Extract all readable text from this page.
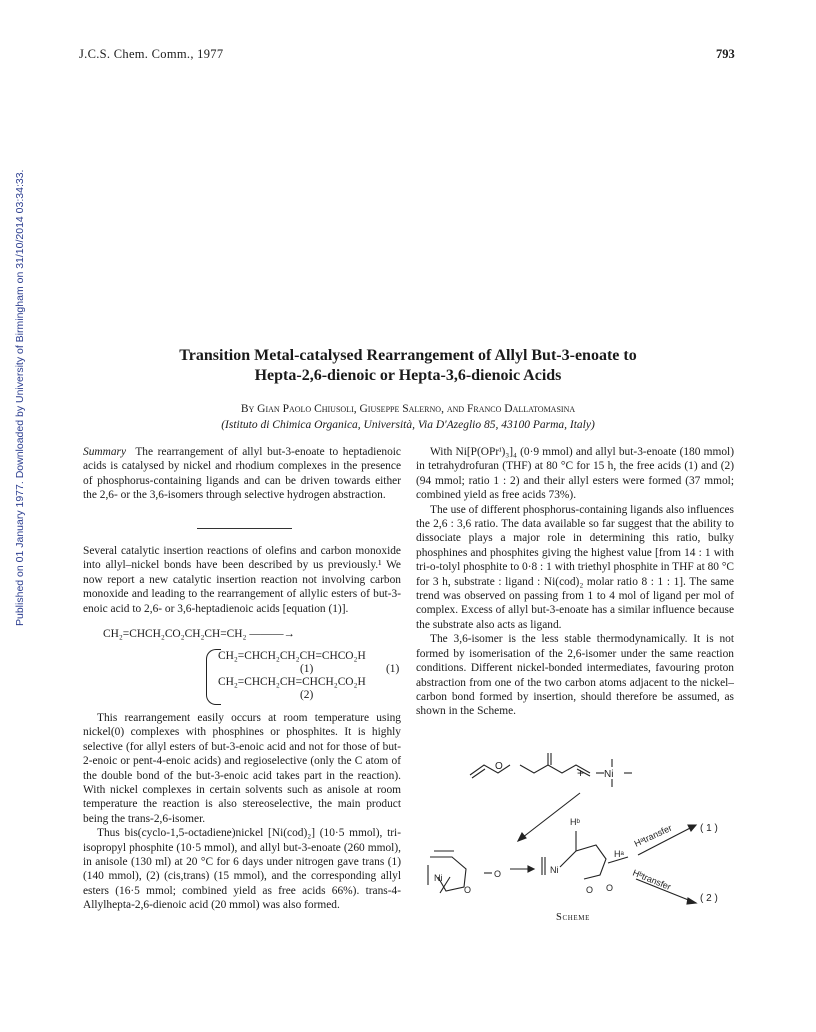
J.C.S. Chem. Comm., 1977	793
Published on 01 January 1977. Downloaded by University of Birmingham on 31/10/2014 03:34:33.	Transition Metal-catalysed Rearrangement of Allyl But-3-enoate to
Hepta-2,6-dienoic or Hepta-3,6-dienoic Acids
By Gian Paolo Chiusoli, Giuseppe Salerno, and Franco Dallatomasina
(Istituto di Chimica Organica, Università, Via D'Azeglio 85, 43100 Parma, Italy)

Summary The rearrangement of allyl but-3-enoate to heptadienoic acids is catalysed by nickel and rhodium complexes in the presence of phosphorus-containing ligands and can be driven towards either the 2,6- or the 3,6-isomers through selective hydrogen abstraction.

Several catalytic insertion reactions of olefins and carbon monoxide into allyl–nickel bonds have been described by us previously.¹ We now report a new catalytic insertion reaction not involving carbon monoxide and leading to the rearrangement of allylic esters of but-3-enoic acid to 2,6- or 3,6-heptadienoic acids [equation (1)].

CH₂=CHCH₂CO₂CH₂CH=CH₂ ———→
CH₂=CHCH₂CH₂CH=CHCO₂H
(1)	(1)
CH₂=CHCH₂CH=CHCH₂CO₂H
(2)

This rearrangement easily occurs at room temperature using nickel(0) complexes with phosphines or phosphites. It is highly selective (for allyl esters of but-3-enoic acid and not for those of but-2-enoic or pent-4-enoic acids) and regioselective (only the C atom of the double bond of the but-3-enoic acid takes part in the reaction). With nickel complexes in certain solvents such as anisole at room temperature the reaction is also stereoselective, the main product being the trans-2,6-isomer.

Thus bis(cyclo-1,5-octadiene)nickel [Ni(cod)₂] (10·5 mmol), tri-isopropyl phosphite (10·5 mmol), and allyl but-3-enoate (260 mmol), in anisole (130 ml) at 20 °C for 6 days under nitrogen gave trans (1) (140 mmol), (2) (cis,trans) (15 mmol), and the corresponding allyl esters (16·5 mmol; combined yield as free acids 66%). trans-4-Allylhepta-2,6-dienoic acid (20 mmol) was also formed.

With Ni[P(OPrⁱ)₃]₄ (0·9 mmol) and allyl but-3-enoate (180 mmol) in tetrahydrofuran (THF) at 80 °C for 15 h, the free acids (1) and (2) (94 mmol; ratio 1 : 2) and their allyl esters were formed (37 mmol; combined yield as free acids 73%).

The use of different phosphorus-containing ligands also influences the 2,6 : 3,6 ratio. The data available so far suggest that the ability to dissociate plays a major role in determining this ratio, bulky phosphines and phosphites giving the highest value [from 14 : 1 with tri-o-tolyl phosphite to 0·8 : 1 with triethyl phosphite in THF at 80 °C for 3 h, substrate : ligand : Ni(cod)₂ molar ratio 8 : 1 : 1]. The same trend was observed on passing from 1 to 4 mol of ligand per mol of complex. Excess of allyl but-3-enoate has a similar influence because the substrate also acts as ligand.

The 3,6-isomer is the less stable thermodynamically. It is not formed by isomerisation of the 2,6-isomer under the same reaction conditions. Different nickel-bonded intermediates, favouring proton abstraction from one of the two carbon atoms adjacent to the nickel–carbon bond formed by insertion, should therefore be assumed, as shown in the Scheme.

O	+ Ni
Ni
O
O	Ni
O O
Hᵇ
Hᵃ
Hᵃtransfer
Hᵇtransfer
( 1 )
( 2 )
Scheme
